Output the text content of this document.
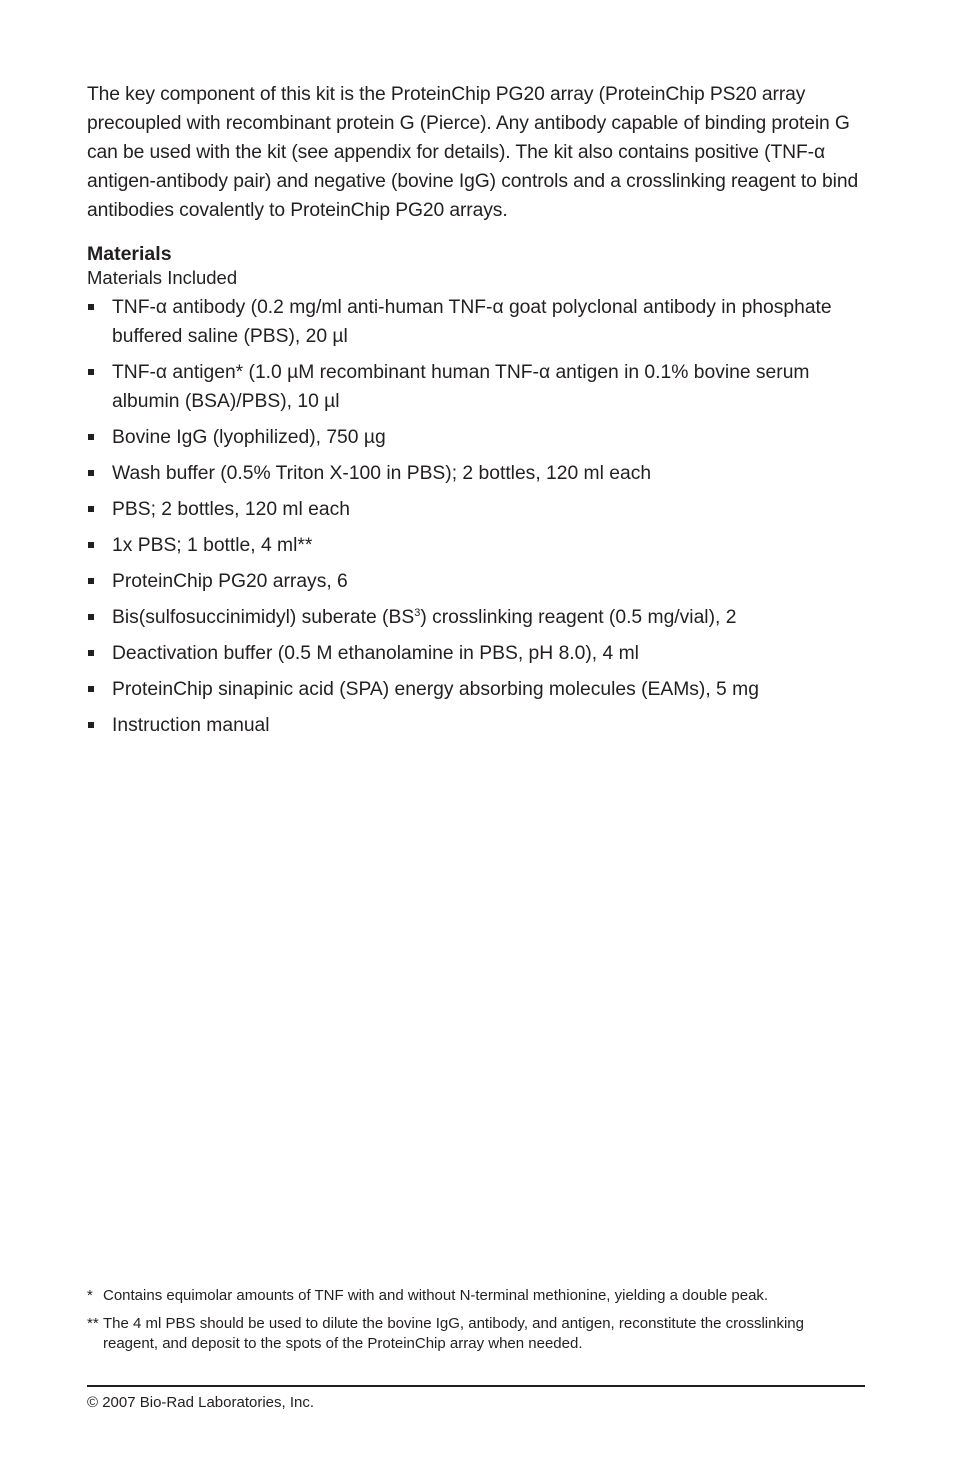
The key component of this kit is the ProteinChip PG20 array (ProteinChip PS20 array precoupled with recombinant protein G (Pierce). Any antibody capable of binding protein G can be used with the kit (see appendix for details). The kit also contains positive (TNF-α antigen-antibody pair) and negative (bovine IgG) controls and a crosslinking reagent to bind antibodies covalently to ProteinChip PG20 arrays.

Materials
Materials Included
TNF-α antibody (0.2 mg/ml anti-human TNF-α goat polyclonal antibody in phosphate buffered saline (PBS), 20 µl
TNF-α antigen* (1.0 µM recombinant human TNF-α antigen in 0.1% bovine serum albumin (BSA)/PBS), 10 µl
Bovine IgG (lyophilized), 750 µg
Wash buffer (0.5% Triton X-100 in PBS); 2 bottles, 120 ml each
PBS; 2 bottles, 120 ml each
1x PBS; 1 bottle, 4 ml**
ProteinChip PG20 arrays, 6
Bis(sulfosuccinimidyl) suberate $(BS^3)$ crosslinking reagent (0.5 mg/vial), 2
Deactivation buffer (0.5 M ethanolamine in PBS, pH 8.0), 4 ml
ProteinChip sinapinic acid (SPA) energy absorbing molecules (EAMs), 5 mg
Instruction manual
* Contains equimolar amounts of TNF with and without N-terminal methionine, yielding a double peak.
** The 4 ml PBS should be used to dilute the bovine IgG, antibody, and antigen, reconstitute the crosslinking reagent, and deposit to the spots of the ProteinChip array when needed.
© 2007 Bio-Rad Laboratories, Inc.
